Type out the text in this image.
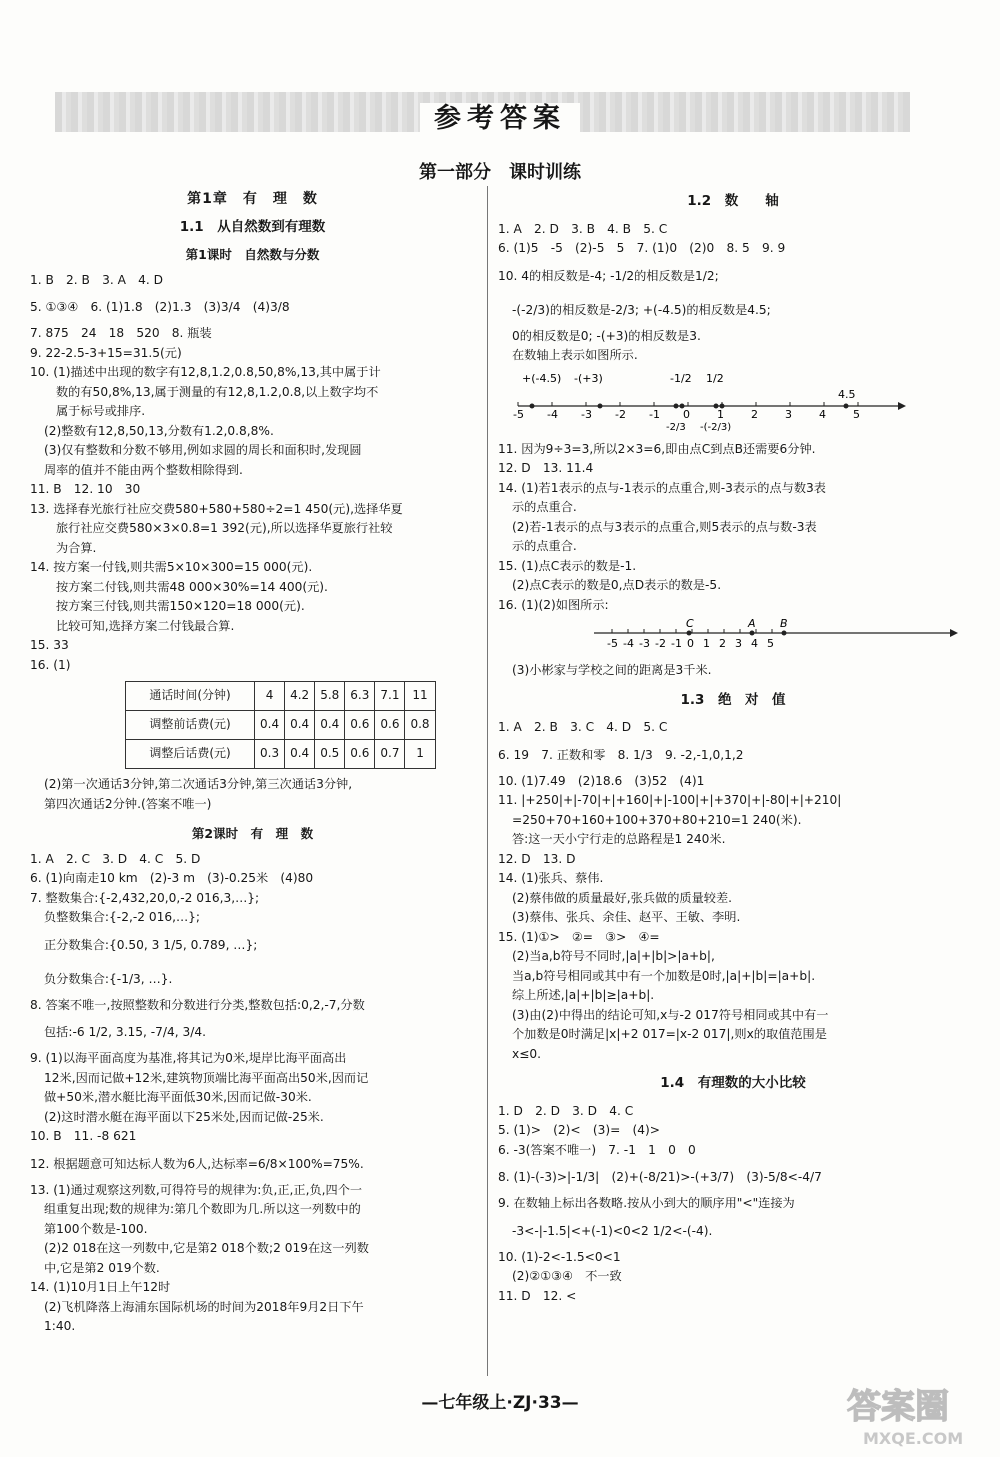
参考答案
第一部分　课时训练
第1章　有　理　数
1.1　从自然数到有理数
第1课时　自然数与分数
1. B　2. B　3. A　4. D
5. ①③④　6. (1)1.8　(2)1.3　(3)3/4　(4)3/8
7. 875　24　18　520　8. 瓶装
9. 22-2.5-3+15=31.5(元)
10. (1)描述中出现的数字有12,8,1.2,0.8,50,8%,13,其中属于计
数的有50,8%,13,属于测量的有12,8,1.2,0.8,以上数字均不
属于标号或排序.
(2)整数有12,8,50,13,分数有1.2,0.8,8%.
(3)仅有整数和分数不够用,例如求圆的周长和面积时,发现圆
周率的值并不能由两个整数相除得到.
11. B　12. 10　30
13. 选择春光旅行社应交费580+580+580÷2=1 450(元),选择华夏
旅行社应交费580×3×0.8=1 392(元),所以选择华夏旅行社较
为合算.
14. 按方案一付钱,则共需5×10×300=15 000(元).
按方案二付钱,则共需48 000×30%=14 400(元).
按方案三付钱,则共需150×120=18 000(元).
比较可知,选择方案二付钱最合算.
15. 33
16. (1)
通话时间(分钟)	4	4.2	5.8	6.3	7.1	11
调整前话费(元)	0.4	0.4	0.4	0.6	0.6	0.8
调整后话费(元)	0.3	0.4	0.5	0.6	0.7	1
(2)第一次通话3分钟,第二次通话3分钟,第三次通话3分钟,
第四次通话2分钟.(答案不唯一)
第2课时　有　理　数
1. A　2. C　3. D　4. C　5. D
6. (1)向南走10 km　(2)-3 m　(3)-0.25米　(4)80
7. 整数集合:{-2,432,20,0,-2 016,3,…};
负整数集合:{-2,-2 016,…};
正分数集合:{0.50, 3 1/5, 0.789, …};
负分数集合:{-1/3, …}.
8. 答案不唯一,按照整数和分数进行分类,整数包括:0,2,-7,分数
包括:-6 1/2, 3.15, -7/4, 3/4.
9. (1)以海平面高度为基准,将其记为0米,堤岸比海平面高出
12米,因而记做+12米,建筑物顶端比海平面高出50米,因而记
做+50米,潜水艇比海平面低30米,因而记做-30米.
(2)这时潜水艇在海平面以下25米处,因而记做-25米.
10. B　11. -8 621
12. 根据题意可知达标人数为6人,达标率=6/8×100%=75%.
13. (1)通过观察这列数,可得符号的规律为:负,正,正,负,四个一
组重复出现;数的规律为:第几个数即为几.所以这一列数中的
第100个数是-100.
(2)2 018在这一列数中,它是第2 018个数;2 019在这一列数
中,它是第2 019个数.
14. (1)10月1日上午12时
(2)飞机降落上海浦东国际机场的时间为2018年9月2日下午
1:40.
1.2　数　　轴
1. A　2. D　3. B　4. B　5. C
6. (1)5　-5　(2)-5　5　7. (1)0　(2)0　8. 5　9. 9
10. 4的相反数是-4; -1/2的相反数是1/2;
-(-2/3)的相反数是-2/3; +(-4.5)的相反数是4.5;
0的相反数是0; -(+3)的相反数是3.
在数轴上表示如图所示.
-5 -4 -3 -2 -1 0 1 2 3 4 5
+(-4.5) -(+3)	-1/2 1/2
-2/3 -(-2/3)
4.5
11. 因为9÷3=3,所以2×3=6,即由点C到点B还需要6分钟.
12. D　13. 11.4
14. (1)若1表示的点与-1表示的点重合,则-3表示的点与数3表
示的点重合.
(2)若-1表示的点与3表示的点重合,则5表示的点与数-3表
示的点重合.
15. (1)点C表示的数是-1.
(2)点C表示的数是0,点D表示的数是-5.
16. (1)(2)如图所示:
-5 -4 -3 -2 -1 0 1 2 3 4 5
C	A B
(3)小彬家与学校之间的距离是3千米.
1.3　绝　对　值
1. A　2. B　3. C　4. D　5. C
6. 19　7. 正数和零　8. 1/3　9. -2,-1,0,1,2
10. (1)7.49　(2)18.6　(3)52　(4)1
11. |+250|+|-70|+|+160|+|-100|+|+370|+|-80|+|+210|
=250+70+160+100+370+80+210=1 240(米).
答:这一天小宁行走的总路程是1 240米.
12. D　13. D
14. (1)张兵、蔡伟.
(2)蔡伟做的质量最好,张兵做的质量较差.
(3)蔡伟、张兵、余佳、赵平、王敏、李明.
15. (1)①>　②=　③>　④=
(2)当a,b符号不同时,|a|+|b|>|a+b|,
当a,b符号相同或其中有一个加数是0时,|a|+|b|=|a+b|.
综上所述,|a|+|b|≥|a+b|.
(3)由(2)中得出的结论可知,x与-2 017符号相同或其中有一
个加数是0时满足|x|+2 017=|x-2 017|,则x的取值范围是
x≤0.
1.4　有理数的大小比较
1. D　2. D　3. D　4. C
5. (1)>　(2)<　(3)=　(4)>
6. -3(答案不唯一)　7. -1　1　0　0
8. (1)-(-3)>|-1/3|　(2)+(-8/21)>-(+3/7)　(3)-5/8<-4/7
9. 在数轴上标出各数略.按从小到大的顺序用"<"连接为
-3<-|-1.5|<+(-1)<0<2 1/2<-(-4).
10. (1)-2<-1.5<0<1
(2)②①③④　不一致
11. D　12. <
—七年级上·ZJ·33—	答案圈
MXQE.COM
